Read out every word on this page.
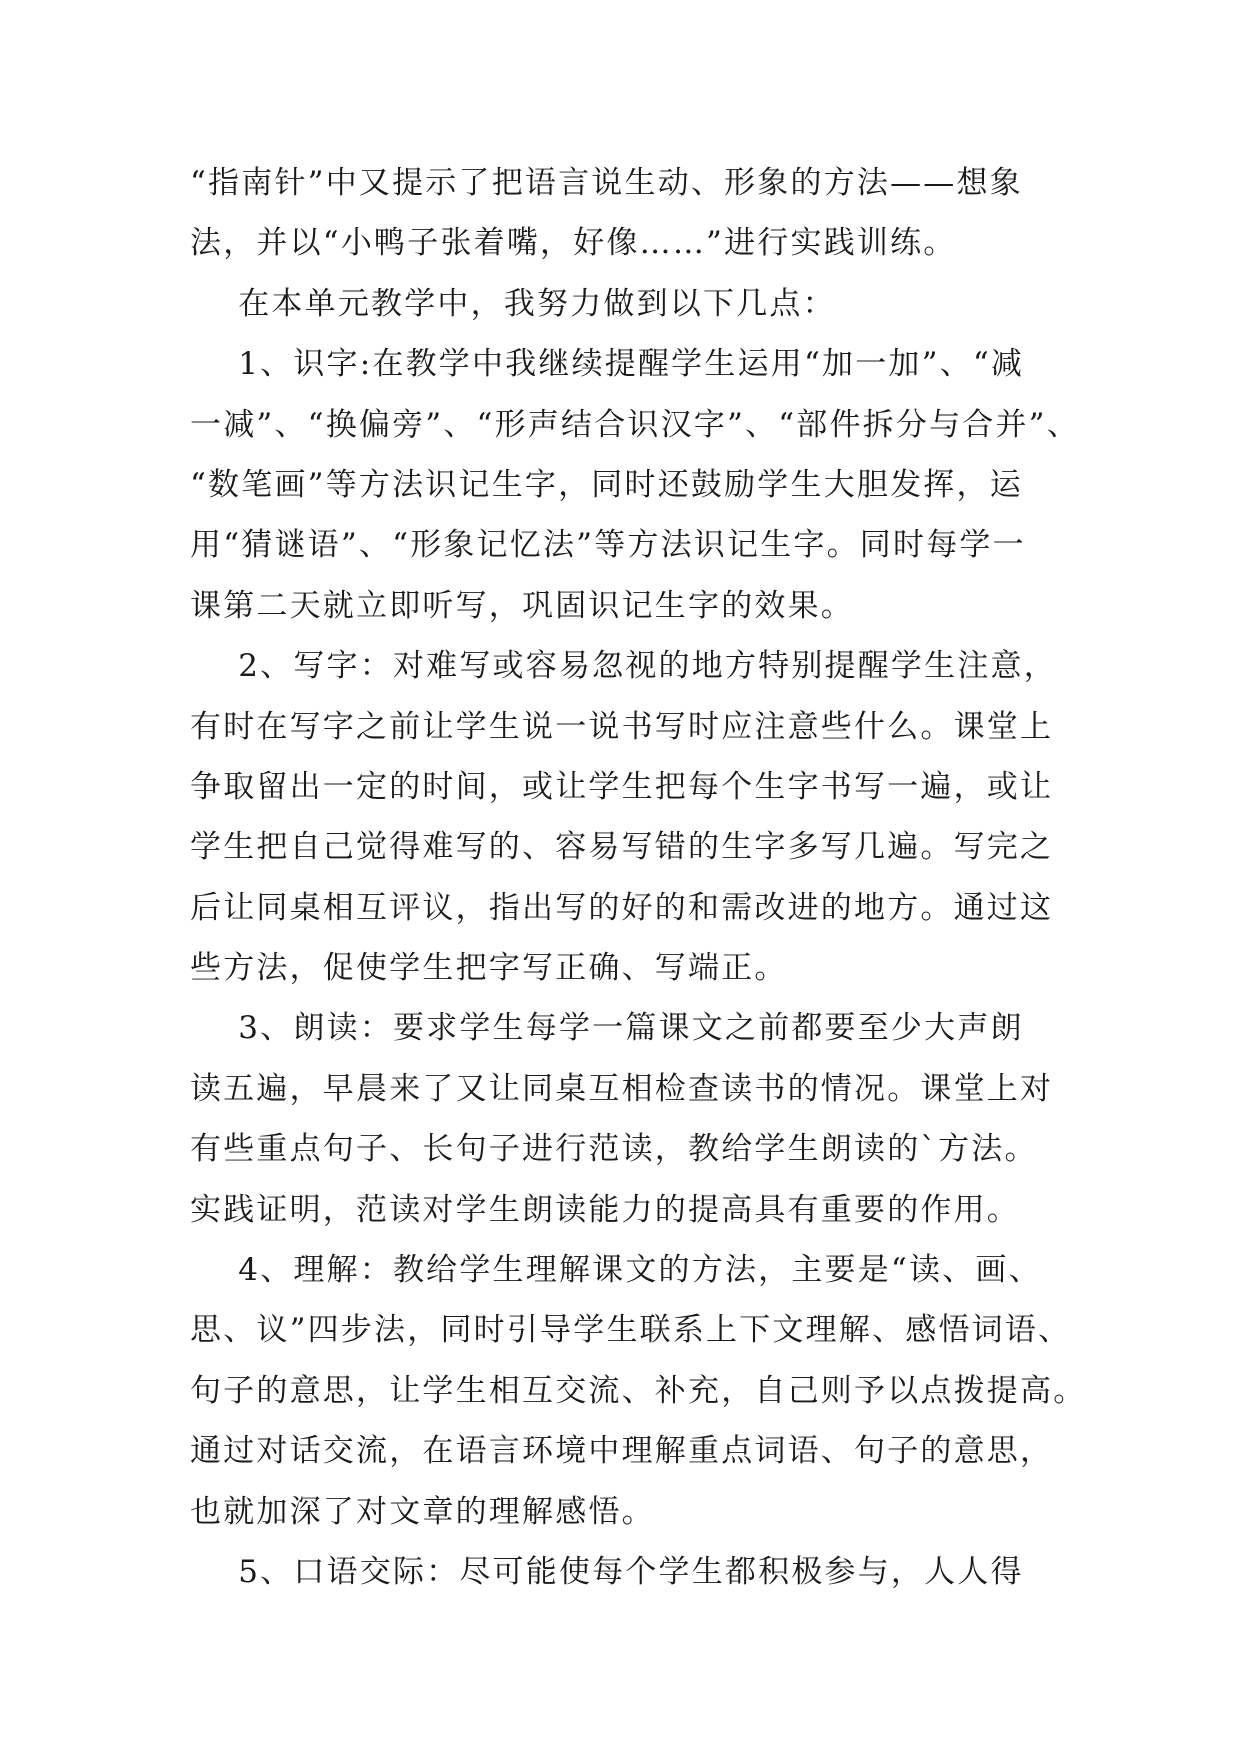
“指南针”中又提示了把语言说生动、形象的方法——想象
法，并以“小鸭子张着嘴，好像……”进行实践训练。
在本单元教学中，我努力做到以下几点：
1、识字:在教学中我继续提醒学生运用“加一加”、“减
一减”、“换偏旁”、“形声结合识汉字”、“部件拆分与合并”、
“数笔画”等方法识记生字，同时还鼓励学生大胆发挥，运
用“猜谜语”、“形象记忆法”等方法识记生字。同时每学一
课第二天就立即听写，巩固识记生字的效果。
2、写字：对难写或容易忽视的地方特别提醒学生注意，
有时在写字之前让学生说一说书写时应注意些什么。课堂上
争取留出一定的时间，或让学生把每个生字书写一遍，或让
学生把自己觉得难写的、容易写错的生字多写几遍。写完之
后让同桌相互评议，指出写的好的和需改进的地方。通过这
些方法，促使学生把字写正确、写端正。
3、朗读：要求学生每学一篇课文之前都要至少大声朗
读五遍，早晨来了又让同桌互相检查读书的情况。课堂上对
有些重点句子、长句子进行范读，教给学生朗读的`方法。
实践证明，范读对学生朗读能力的提高具有重要的作用。
4、理解：教给学生理解课文的方法，主要是“读、画、
思、议”四步法，同时引导学生联系上下文理解、感悟词语、
句子的意思，让学生相互交流、补充，自己则予以点拨提高。
通过对话交流，在语言环境中理解重点词语、句子的意思，
也就加深了对文章的理解感悟。
5、口语交际：尽可能使每个学生都积极参与，人人得
